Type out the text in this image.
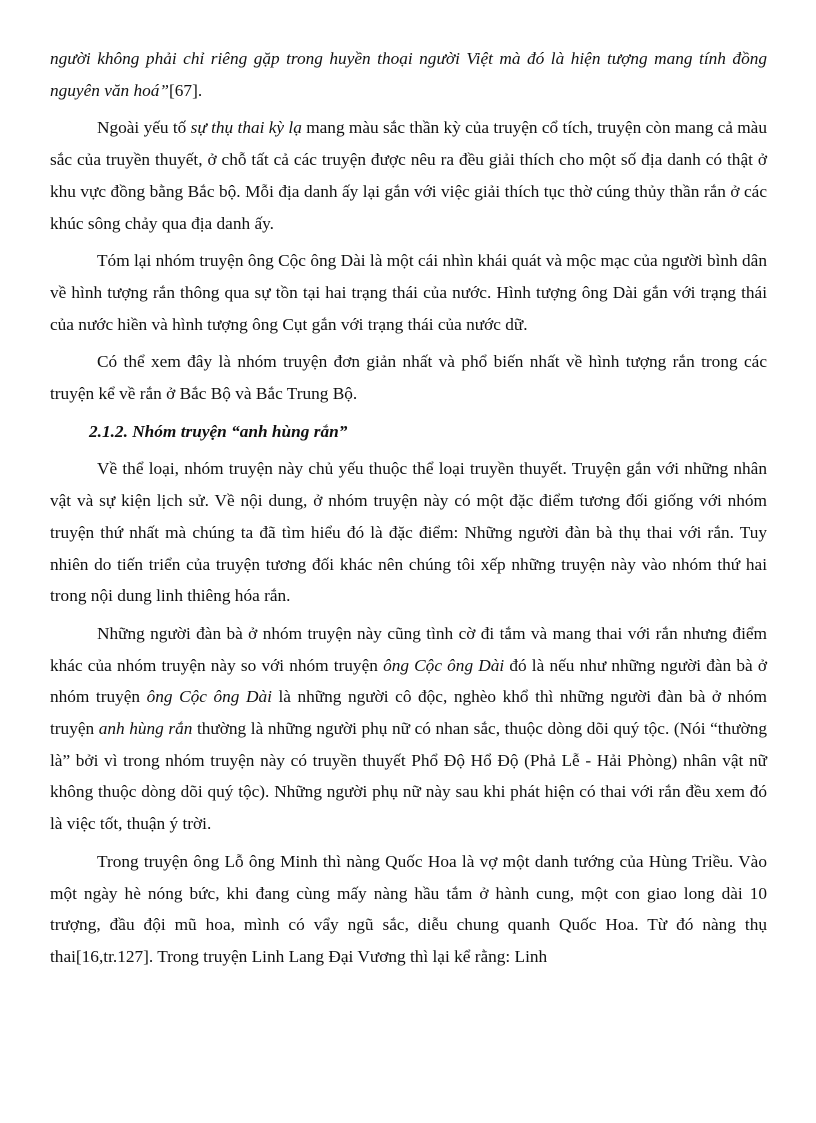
người không phải chỉ riêng gặp trong huyền thoại người Việt mà đó là hiện tượng mang tính đồng nguyên văn hoá”[67].

Ngoài yếu tố sự thụ thai kỳ lạ mang màu sắc thần kỳ của truyện cổ tích, truyện còn mang cả màu sắc của truyền thuyết, ở chỗ tất cả các truyện được nêu ra đều giải thích cho một số địa danh có thật ở khu vực đồng bằng Bắc bộ. Mỗi địa danh ấy lại gắn với việc giải thích tục thờ cúng thủy thần rắn ở các khúc sông chảy qua địa danh ấy.

Tóm lại nhóm truyện ông Cộc ông Dài là một cái nhìn khái quát và mộc mạc của người bình dân về hình tượng rắn thông qua sự tồn tại hai trạng thái của nước. Hình tượng ông Dài gắn với trạng thái của nước hiền và hình tượng ông Cụt gắn với trạng thái của nước dữ.

Có thể xem đây là nhóm truyện đơn giản nhất và phổ biến nhất về hình tượng rắn trong các truyện kể về rắn ở Bắc Bộ và Bắc Trung Bộ.

2.1.2. Nhóm truyện “anh hùng rắn”

Về thể loại, nhóm truyện này chủ yếu thuộc thể loại truyền thuyết. Truyện gắn với những nhân vật và sự kiện lịch sử. Về nội dung, ở nhóm truyện này có một đặc điểm tương đối giống với nhóm truyện thứ nhất mà chúng ta đã tìm hiểu đó là đặc điểm: Những người đàn bà thụ thai với rắn. Tuy nhiên do tiến triển của truyện tương đối khác nên chúng tôi xếp những truyện này vào nhóm thứ hai trong nội dung linh thiêng hóa rắn.

Những người đàn bà ở nhóm truyện này cũng tình cờ đi tắm và mang thai với rắn nhưng điểm khác của nhóm truyện này so với nhóm truyện ông Cộc ông Dài đó là nếu như những người đàn bà ở nhóm truyện ông Cộc ông Dài là những người cô độc, nghèo khổ thì những người đàn bà ở nhóm truyện anh hùng rắn thường là những người phụ nữ có nhan sắc, thuộc dòng dõi quý tộc. (Nói “thường là” bởi vì trong nhóm truyện này có truyền thuyết Phổ Độ Hổ Độ (Phả Lễ - Hải Phòng) nhân vật nữ không thuộc dòng dõi quý tộc). Những người phụ nữ này sau khi phát hiện có thai với rắn đều xem đó là việc tốt, thuận ý trời.

Trong truyện ông Lỗ ông Minh thì nàng Quốc Hoa là vợ một danh tướng của Hùng Triều. Vào một ngày hè nóng bức, khi đang cùng mấy nàng hầu tắm ở hành cung, một con giao long dài 10 trượng, đầu đội mũ hoa, mình có vẩy ngũ sắc, diễu chung quanh Quốc Hoa. Từ đó nàng thụ thai[16,tr.127]. Trong truyện Linh Lang Đại Vương thì lại kể rằng: Linh
